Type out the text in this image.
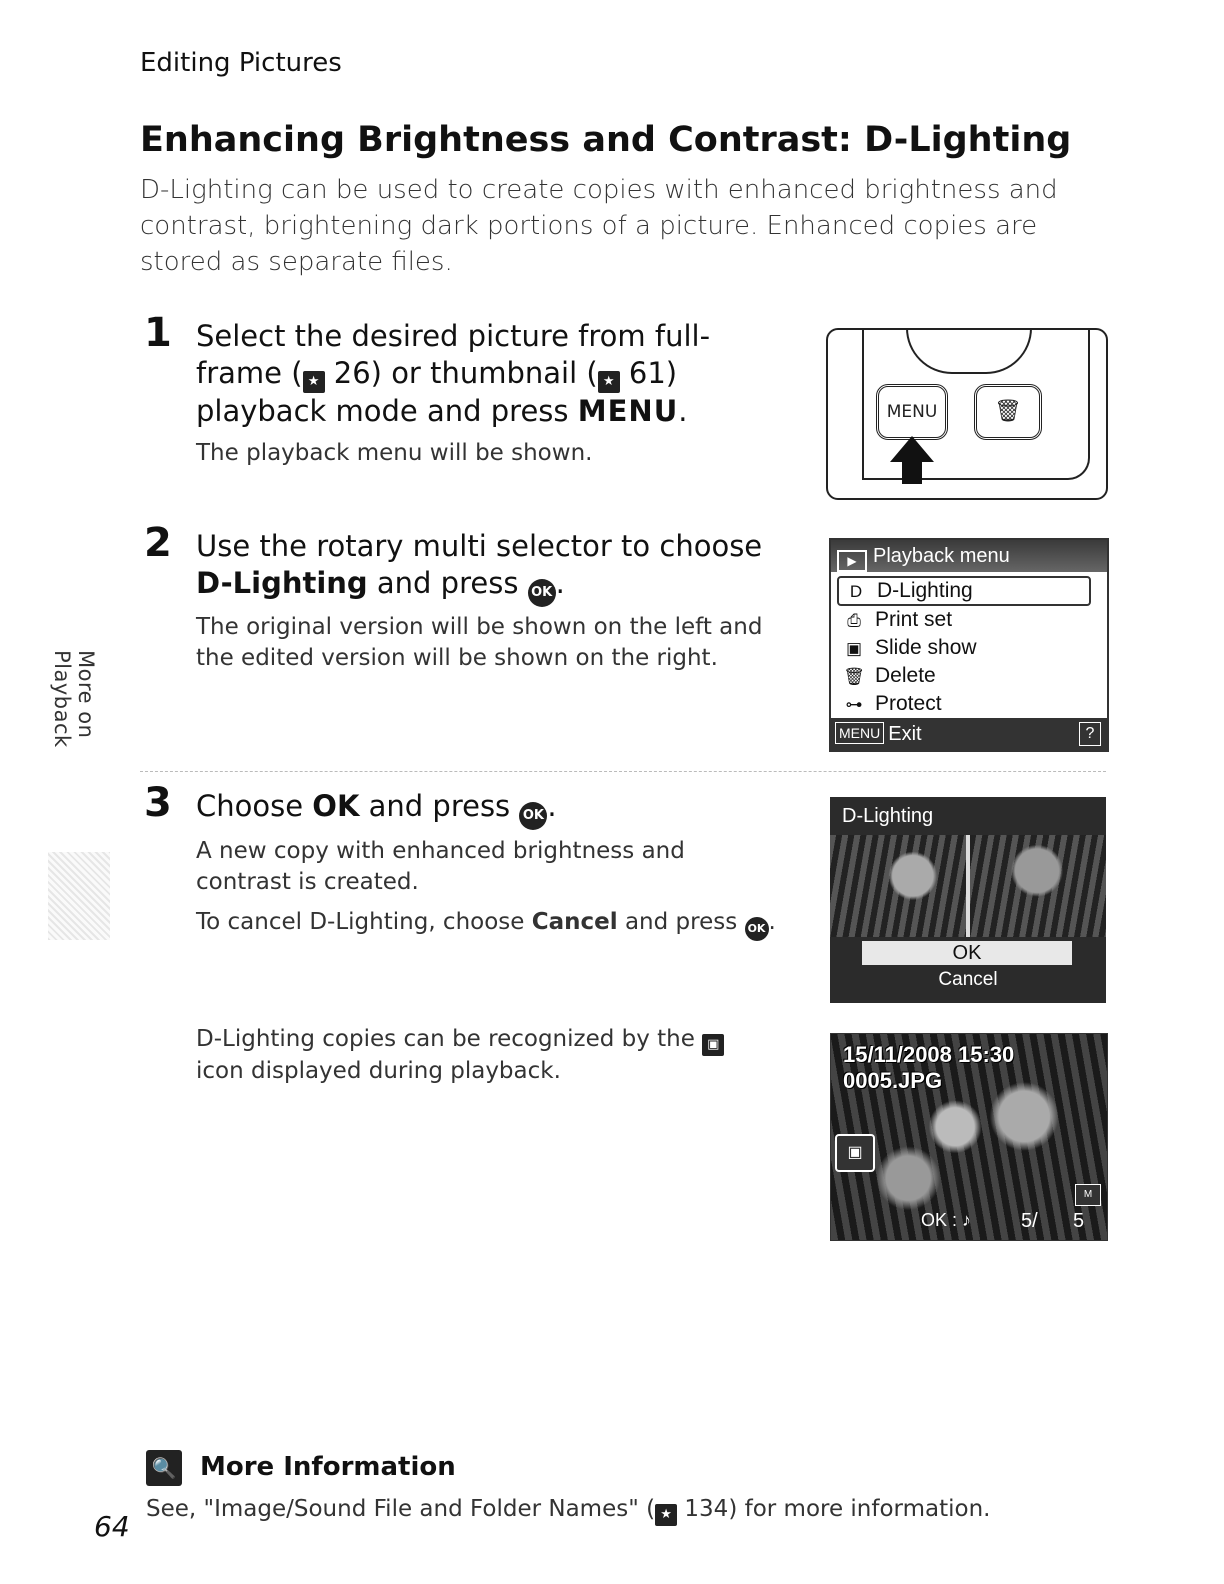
Editing Pictures
Enhancing Brightness and Contrast: D-Lighting
D-Lighting can be used to create copies with enhanced brightness and contrast, brightening dark portions of a picture. Enhanced copies are stored as separate files.
1 Select the desired picture from full-frame ( ★ 26) or thumbnail ( ★ 61) playback mode and press MENU.
The playback menu will be shown.
MENU	🗑
2 Use the rotary multi selector to choose D-Lighting and press OK .
The original version will be shown on the left and the edited version will be shown on the right.
▶ Playback menu
D D-Lighting
⎙ Print set
▣ Slide show
🗑 Delete
⊶ Protect
MENU Exit	?
3 Choose OK and press OK .
A new copy with enhanced brightness and contrast is created.
To cancel D-Lighting, choose Cancel and press OK .
D-Lighting
OK
Cancel
D-Lighting copies can be recognized by the ▣ icon displayed during playback.
15/11/2008 15:30
0005.JPG
▣
M
OK : ♪ 5/ 5
More on Playback
🔍 More Information
See, "Image/Sound File and Folder Names" ( ★ 134) for more information.
64
